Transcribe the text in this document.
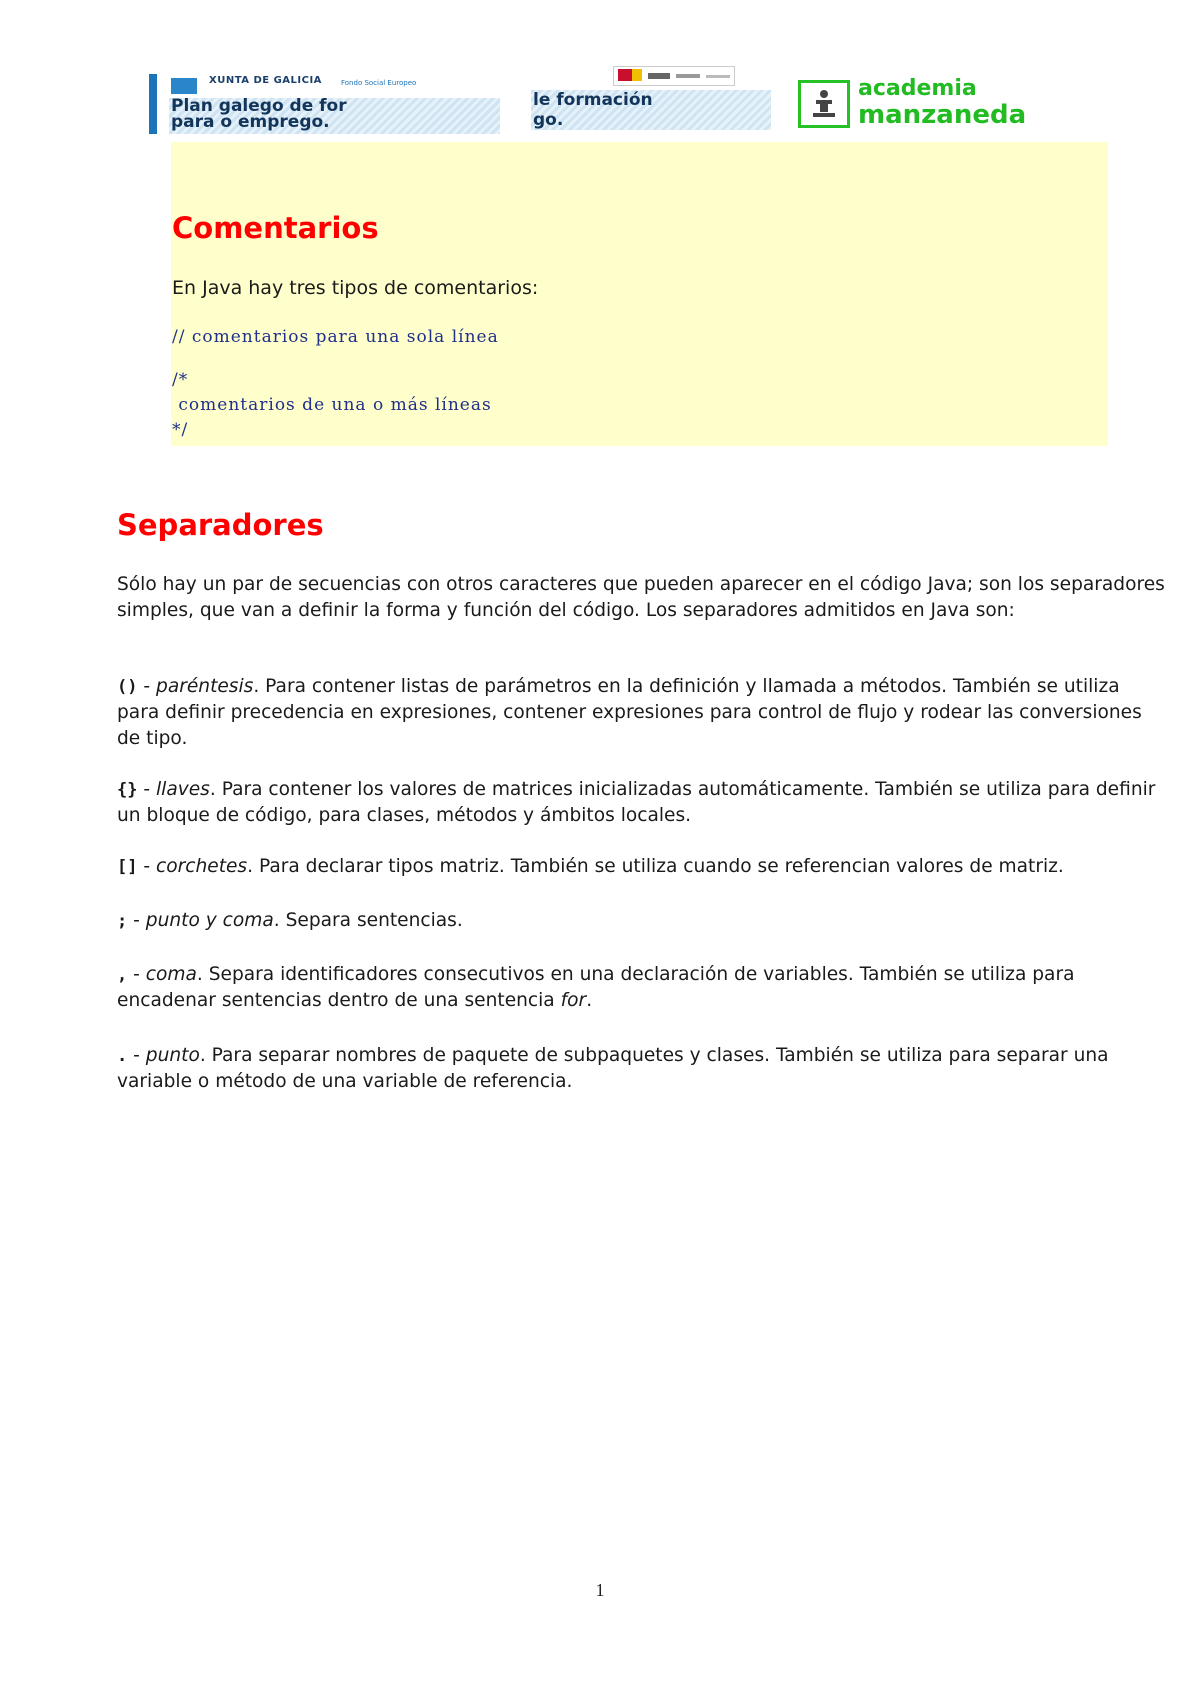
XUNTA DE GALICIA	Fondo Social Europeo
Plan galego de for
para o emprego.
le formación
go.
academia
manzaneda
Comentarios

En Java hay tres tipos de comentarios:

// comentarios para una sola línea
/*
comentarios de una o más líneas
*/
Separadores

Sólo hay un par de secuencias con otros caracteres que pueden aparecer en el código Java; son los separadores simples, que van a definir la forma y función del código. Los separadores admitidos en Java son:

() - paréntesis. Para contener listas de parámetros en la definición y llamada a métodos. También se utiliza para definir precedencia en expresiones, contener expresiones para control de flujo y rodear las conversiones de tipo.

{} - llaves. Para contener los valores de matrices inicializadas automáticamente. También se utiliza para definir un bloque de código, para clases, métodos y ámbitos locales.

[] - corchetes. Para declarar tipos matriz. También se utiliza cuando se referencian valores de matriz.

; - punto y coma. Separa sentencias.

, - coma. Separa identificadores consecutivos en una declaración de variables. También se utiliza para encadenar sentencias dentro de una sentencia for.

. - punto. Para separar nombres de paquete de subpaquetes y clases. También se utiliza para separar una variable o método de una variable de referencia.

1
